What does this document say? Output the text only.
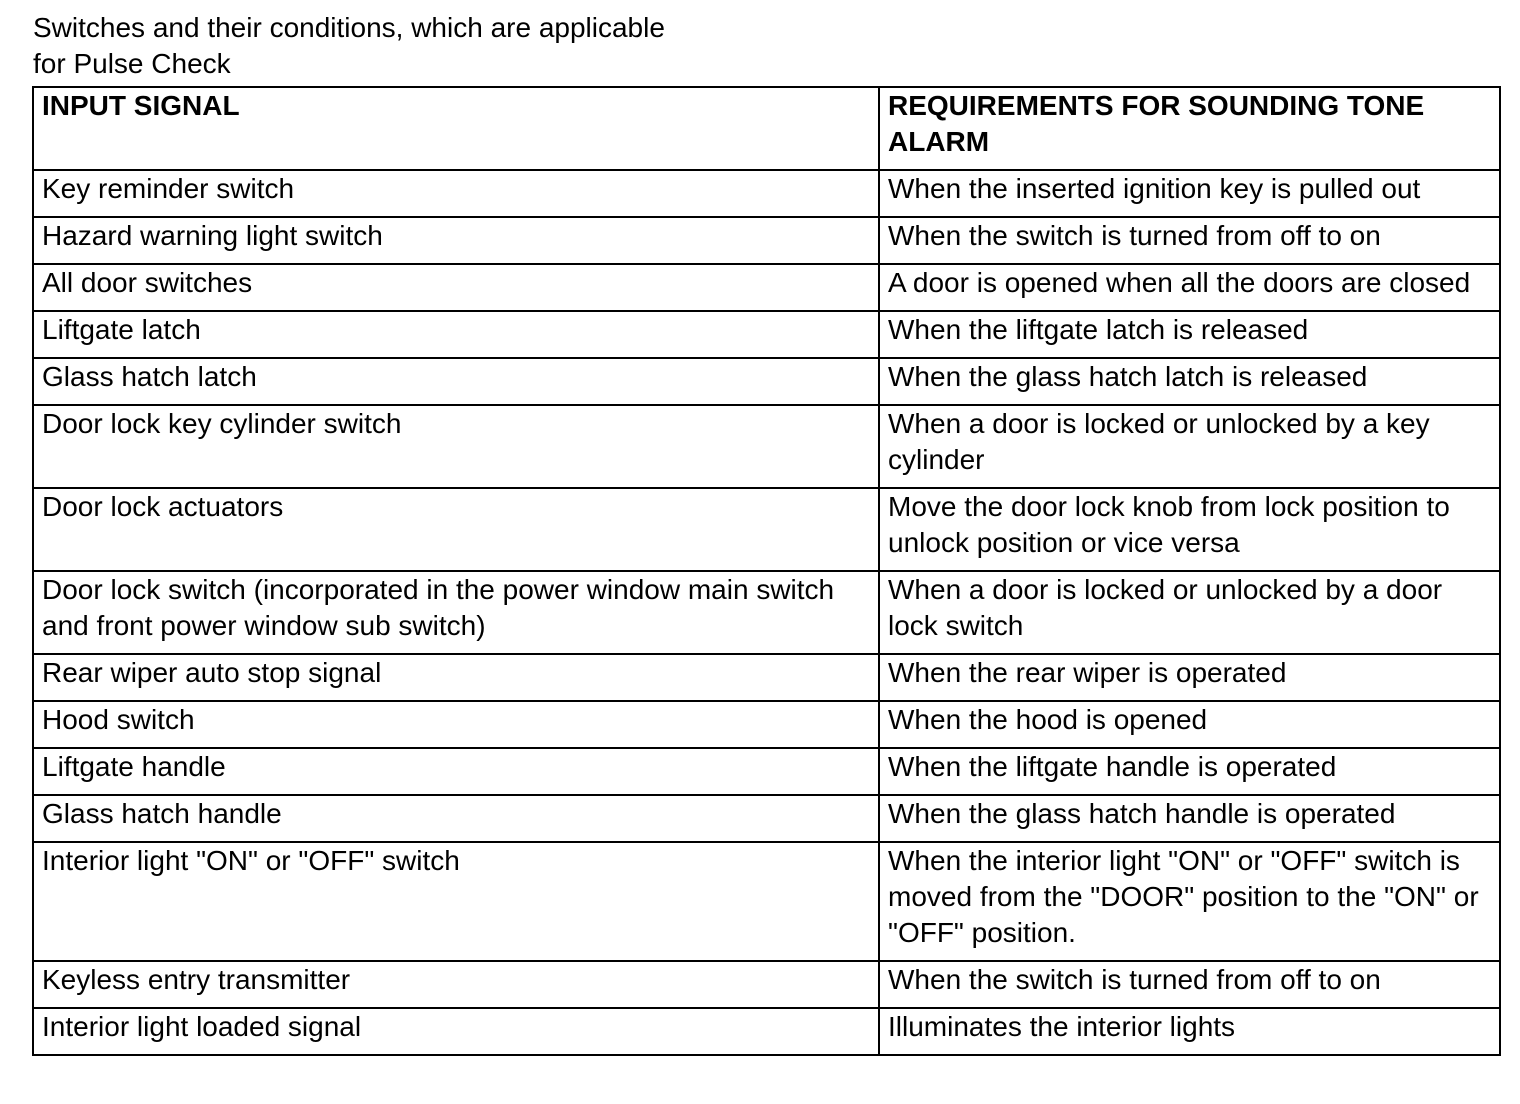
Switches and their conditions, which are applicable
for Pulse Check
INPUT SIGNAL	REQUIREMENTS FOR SOUNDING TONE ALARM
Key reminder switch	When the inserted ignition key is pulled out
Hazard warning light switch	When the switch is turned from off to on
All door switches	A door is opened when all the doors are closed
Liftgate latch	When the liftgate latch is released
Glass hatch latch	When the glass hatch latch is released
Door lock key cylinder switch	When a door is locked or unlocked by a key cylinder
Door lock actuators	Move the door lock knob from lock position to unlock position or vice versa
Door lock switch (incorporated in the power window main switch and front power window sub switch)	When a door is locked or unlocked by a door lock switch
Rear wiper auto stop signal	When the rear wiper is operated
Hood switch	When the hood is opened
Liftgate handle	When the liftgate handle is operated
Glass hatch handle	When the glass hatch handle is operated
Interior light "ON" or "OFF" switch	When the interior light "ON" or "OFF" switch is moved from the "DOOR" position to the "ON" or "OFF" position.
Keyless entry transmitter	When the switch is turned from off to on
Interior light loaded signal	Illuminates the interior lights
